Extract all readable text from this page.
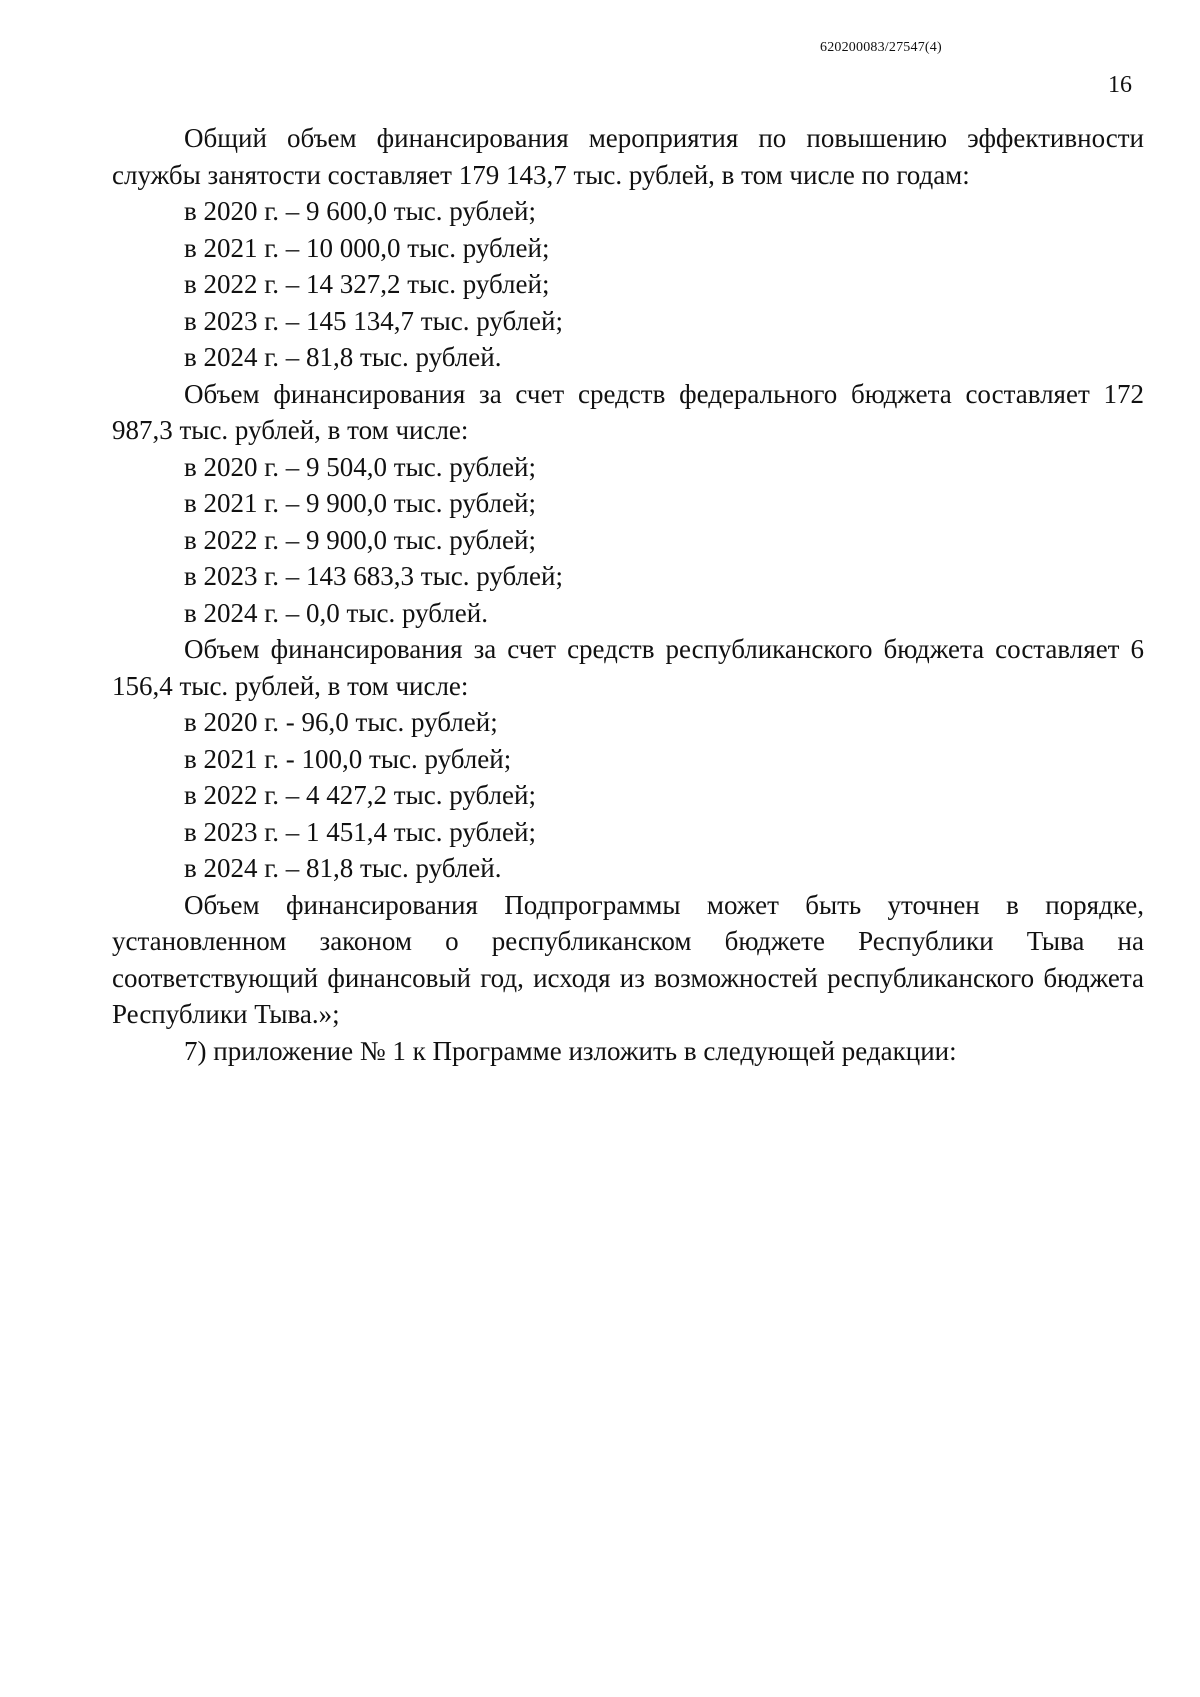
620200083/27547(4)
16

Общий объем финансирования мероприятия по повышению эффективности службы занятости составляет 179 143,7 тыс. рублей, в том числе по годам:

в 2020 г. – 9 600,0 тыс. рублей;
в 2021 г. – 10 000,0 тыс. рублей;
в 2022 г. – 14 327,2 тыс. рублей;
в 2023 г. – 145 134,7 тыс. рублей;
в 2024 г. – 81,8 тыс. рублей.

Объем финансирования за счет средств федерального бюджета составляет 172 987,3 тыс. рублей, в том числе:

в 2020 г. – 9 504,0 тыс. рублей;
в 2021 г. – 9 900,0 тыс. рублей;
в 2022 г. – 9 900,0 тыс. рублей;
в 2023 г. – 143 683,3 тыс. рублей;
в 2024 г. – 0,0 тыс. рублей.

Объем финансирования за счет средств республиканского бюджета составляет 6 156,4 тыс. рублей, в том числе:

в 2020 г. - 96,0 тыс. рублей;
в 2021 г. - 100,0 тыс. рублей;
в 2022 г. – 4 427,2 тыс. рублей;
в 2023 г. – 1 451,4 тыс. рублей;
в 2024 г. – 81,8 тыс. рублей.

Объем финансирования Подпрограммы может быть уточнен в порядке, установленном законом о республиканском бюджете Республики Тыва на соответствующий финансовый год, исходя из возможностей республиканского бюджета Республики Тыва.»;

7) приложение № 1 к Программе изложить в следующей редакции:
